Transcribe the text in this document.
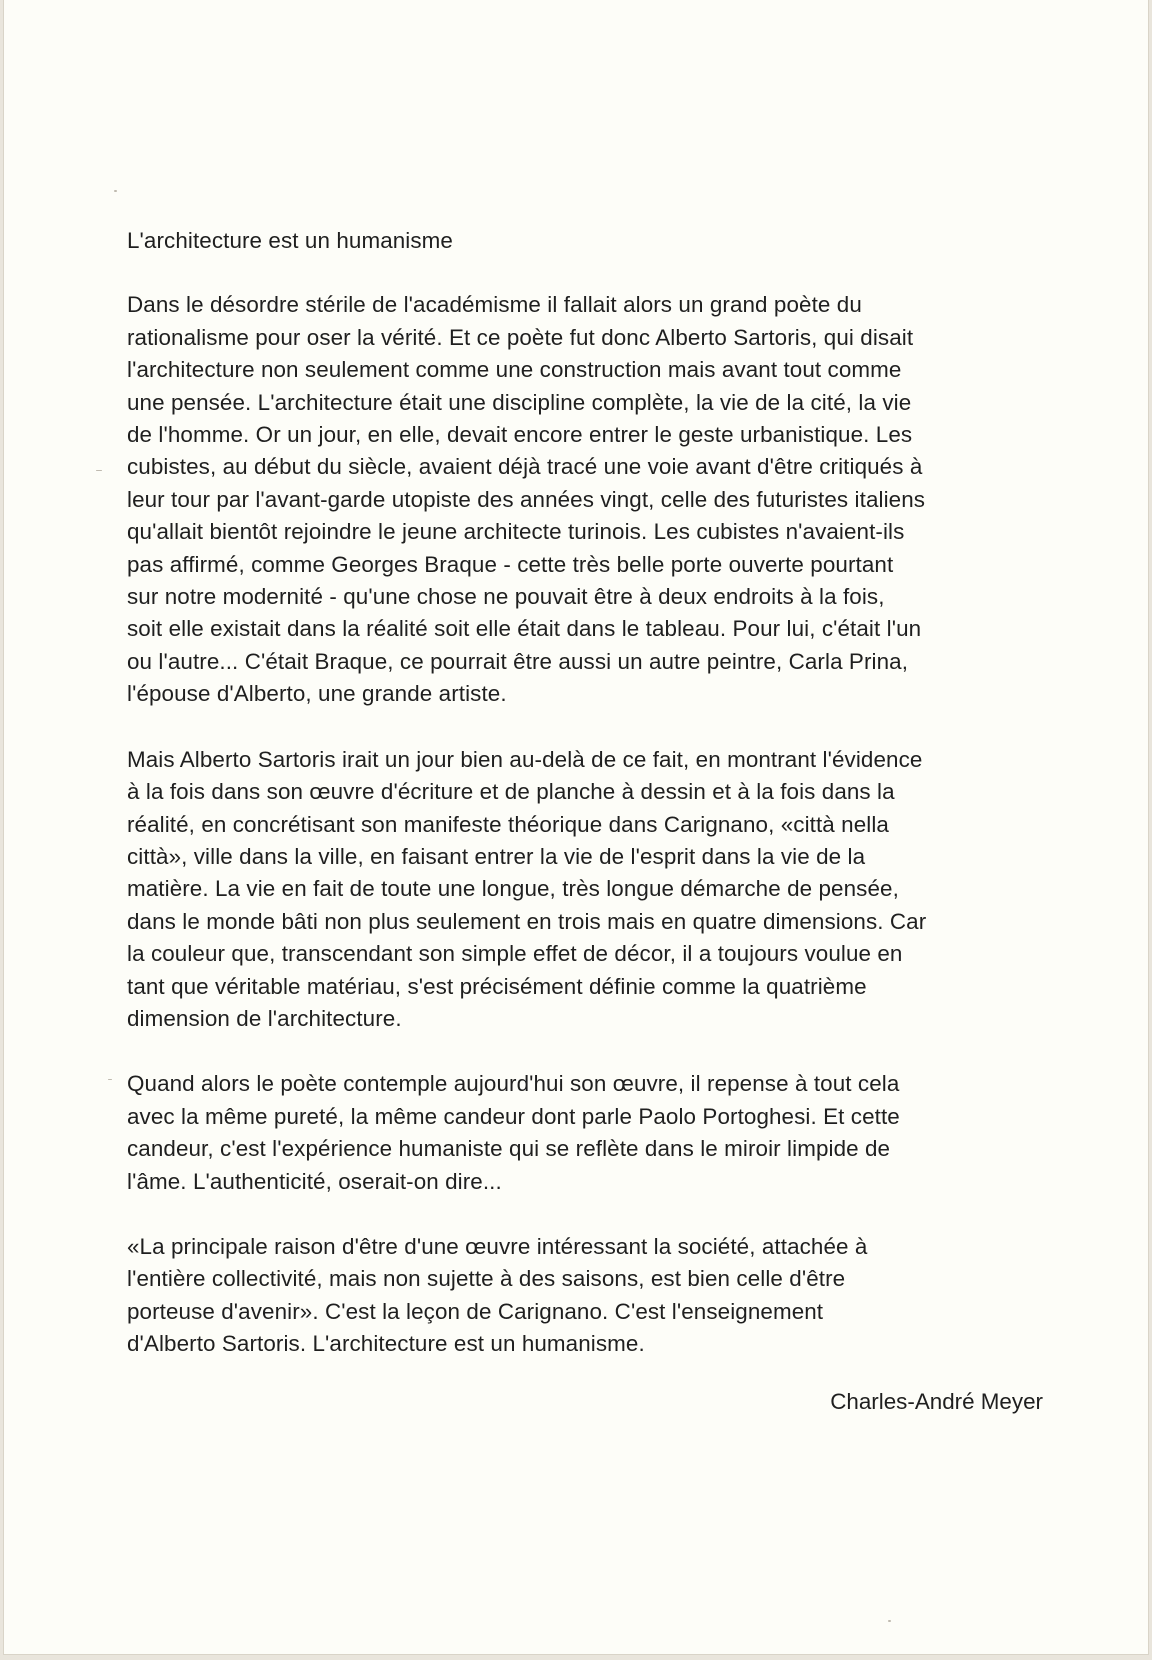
L'architecture est un humanisme

Dans le désordre stérile de l'académisme il fallait alors un grand poète du
rationalisme pour oser la vérité. Et ce poète fut donc Alberto Sartoris, qui disait
l'architecture non seulement comme une construction mais avant tout comme
une pensée. L'architecture était une discipline complète, la vie de la cité, la vie
de l'homme. Or un jour, en elle, devait encore entrer le geste urbanistique. Les
cubistes, au début du siècle, avaient déjà tracé une voie avant d'être critiqués à
leur tour par l'avant-garde utopiste des années vingt, celle des futuristes italiens
qu'allait bientôt rejoindre le jeune architecte turinois. Les cubistes n'avaient-ils
pas affirmé, comme Georges Braque - cette très belle porte ouverte pourtant
sur notre modernité - qu'une chose ne pouvait être à deux endroits à la fois,
soit elle existait dans la réalité soit elle était dans le tableau. Pour lui, c'était l'un
ou l'autre... C'était Braque, ce pourrait être aussi un autre peintre, Carla Prina,
l'épouse d'Alberto, une grande artiste.

Mais Alberto Sartoris irait un jour bien au-delà de ce fait, en montrant l'évidence
à la fois dans son œuvre d'écriture et de planche à dessin et à la fois dans la
réalité, en concrétisant son manifeste théorique dans Carignano, «città nella
città», ville dans la ville, en faisant entrer la vie de l'esprit dans la vie de la
matière. La vie en fait de toute une longue, très longue démarche de pensée,
dans le monde bâti non plus seulement en trois mais en quatre dimensions. Car
la couleur que, transcendant son simple effet de décor, il a toujours voulue en
tant que véritable matériau, s'est précisément définie comme la quatrième
dimension de l'architecture.

Quand alors le poète contemple aujourd'hui son œuvre, il repense à tout cela
avec la même pureté, la même candeur dont parle Paolo Portoghesi. Et cette
candeur, c'est l'expérience humaniste qui se reflète dans le miroir limpide de
l'âme. L'authenticité, oserait-on dire...

«La principale raison d'être d'une œuvre intéressant la société, attachée à
l'entière collectivité, mais non sujette à des saisons, est bien celle d'être
porteuse d'avenir». C'est la leçon de Carignano. C'est l'enseignement
d'Alberto Sartoris. L'architecture est un humanisme.

Charles-André Meyer
